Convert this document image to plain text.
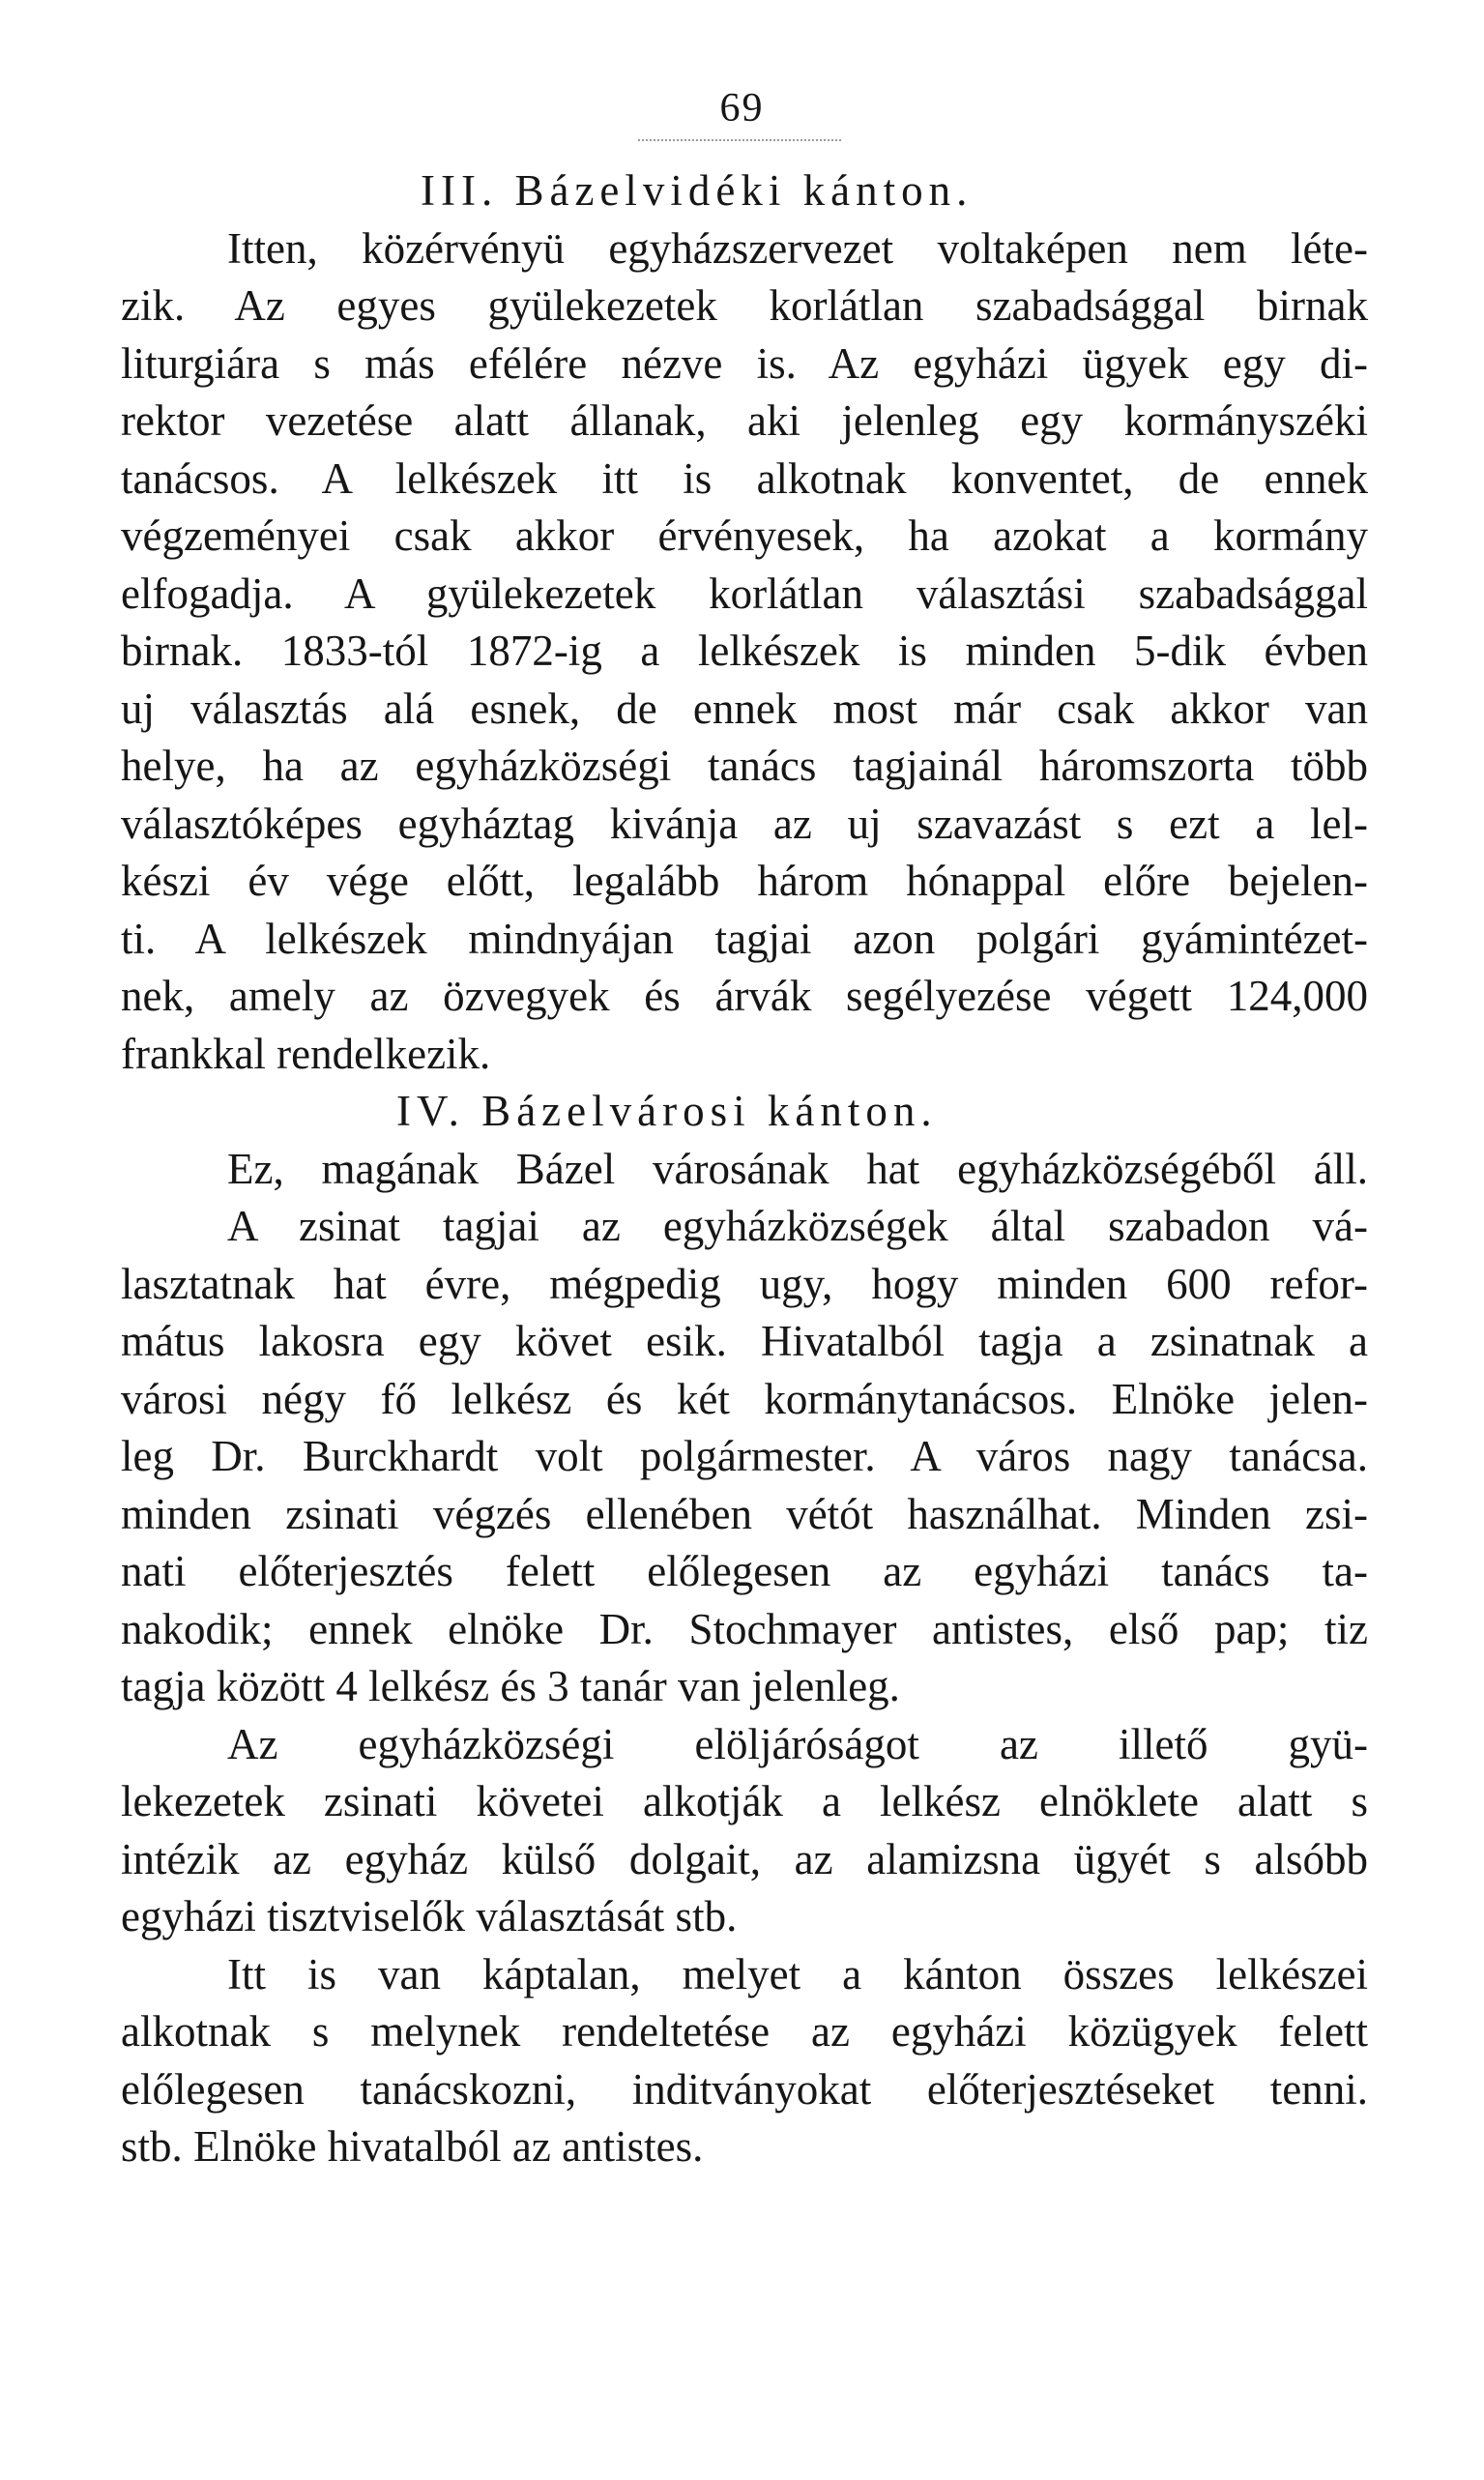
69
III. Bázelvidéki kánton.
Itten, közérvényü egyházszervezet voltaképen nem léte-
zik. Az egyes gyülekezetek korlátlan szabadsággal birnak
liturgiára s más efélére nézve is. Az egyházi ügyek egy di-
rektor vezetése alatt állanak, aki jelenleg egy kormányszéki
tanácsos. A lelkészek itt is alkotnak konventet, de ennek
végzeményei csak akkor érvényesek, ha azokat a kormány
elfogadja. A gyülekezetek korlátlan választási szabadsággal
birnak. 1833-tól 1872-ig a lelkészek is minden 5-dik évben
uj választás alá esnek, de ennek most már csak akkor van
helye, ha az egyházközségi tanács tagjainál háromszorta több
választóképes egyháztag kivánja az uj szavazást s ezt a lel-
készi év vége előtt, legalább három hónappal előre bejelen-
ti. A lelkészek mindnyájan tagjai azon polgári gyámintézet-
nek, amely az özvegyek és árvák segélyezése végett 124,000
frankkal rendelkezik.
IV. Bázelvárosi kánton.
Ez, magának Bázel városának hat egyházközségéből áll.
A zsinat tagjai az egyházközségek által szabadon vá-
lasztatnak hat évre, mégpedig ugy, hogy minden 600 refor-
mátus lakosra egy követ esik. Hivatalból tagja a zsinatnak a
városi négy fő lelkész és két kormánytanácsos. Elnöke jelen-
leg Dr. Burckhardt volt polgármester. A város nagy tanácsa.
minden zsinati végzés ellenében vétót használhat. Minden zsi-
nati előterjesztés felett előlegesen az egyházi tanács ta-
nakodik; ennek elnöke Dr. Stochmayer antistes, első pap; tiz
tagja között 4 lelkész és 3 tanár van jelenleg.
Az egyházközségi elöljáróságot az illető gyü-
lekezetek zsinati követei alkotják a lelkész elnöklete alatt s
intézik az egyház külső dolgait, az alamizsna ügyét s alsóbb
egyházi tisztviselők választását stb.
Itt is van káptalan, melyet a kánton összes lelkészei
alkotnak s melynek rendeltetése az egyházi közügyek felett
előlegesen tanácskozni, inditványokat előterjesztéseket tenni.
stb. Elnöke hivatalból az antistes.
